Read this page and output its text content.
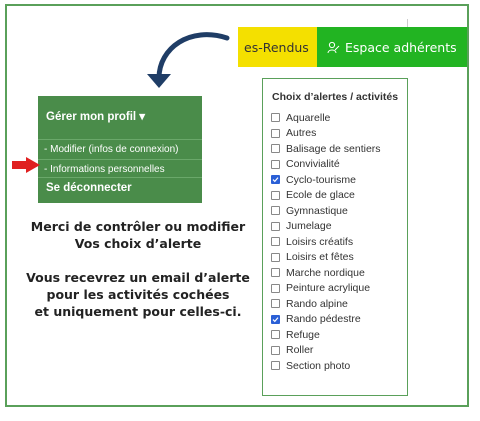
es-Rendus	Espace adhérents
Gérer mon profil ▾
- Modifier (infos de connexion)
- Informations personnelles
Se déconnecter

Merci de contrôler ou modifier

Vos choix d’alerte

Vous recevrez un email d’alerte

pour les activités cochées

et uniquement pour celles-ci.

Choix d’alertes / activités
Aquarelle
Autres
Balisage de sentiers
Convivialité
Cyclo-tourisme
Ecole de glace
Gymnastique
Jumelage
Loisirs créatifs
Loisirs et fêtes
Marche nordique
Peinture acrylique
Rando alpine
Rando pédestre
Refuge
Roller
Section photo
